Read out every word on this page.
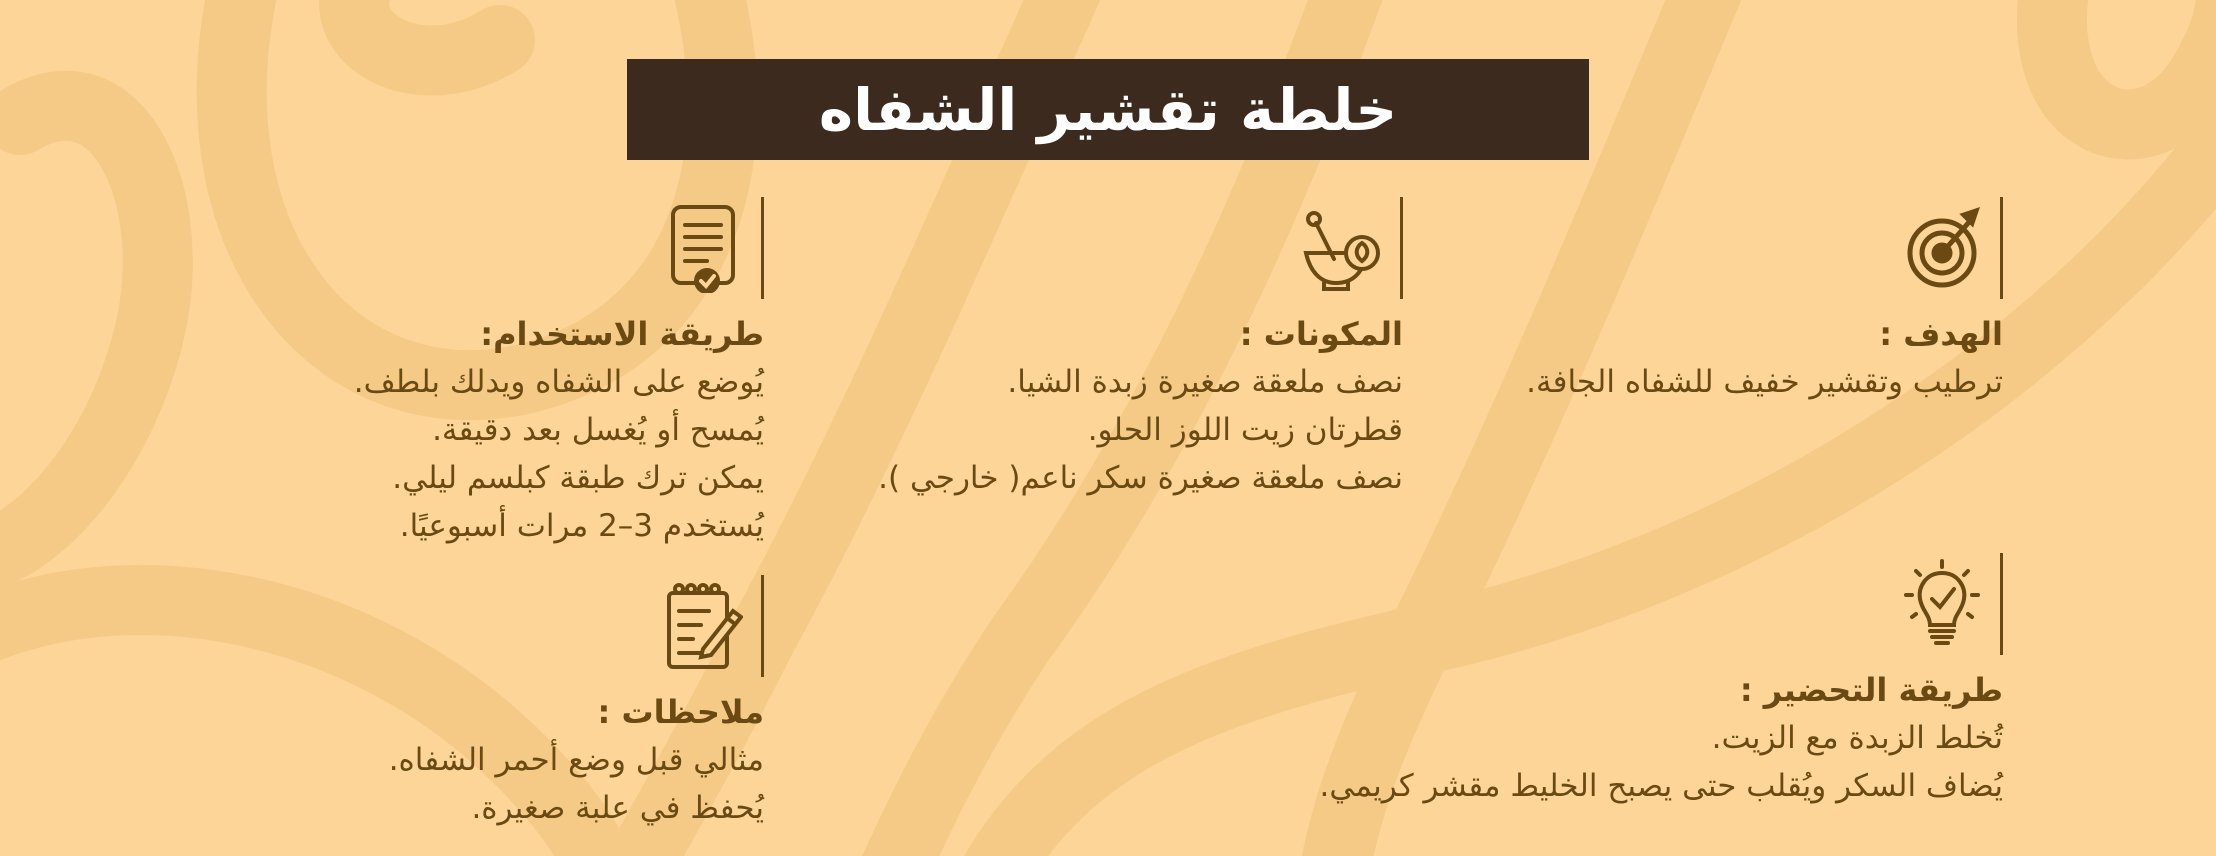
خلطة تقشير الشفاه
الهدف :
ترطيب وتقشير خفيف للشفاه الجافة.
المكونات :
نصف ملعقة صغيرة زبدة الشيا.
قطرتان زيت اللوز الحلو.
نصف ملعقة صغيرة سكر ناعم( خارجي ).
طريقة الاستخدام:
يُوضع على الشفاه ويدلك بلطف.
يُمسح أو يُغسل بعد دقيقة.
يمكن ترك طبقة كبلسم ليلي.
يُستخدم 3–2 مرات أسبوعيًا.
طريقة التحضير :
تُخلط الزبدة مع الزيت.
يُضاف السكر ويُقلب حتى يصبح الخليط مقشر كريمي.
ملاحظات :
مثالي قبل وضع أحمر الشفاه.
يُحفظ في علبة صغيرة.
